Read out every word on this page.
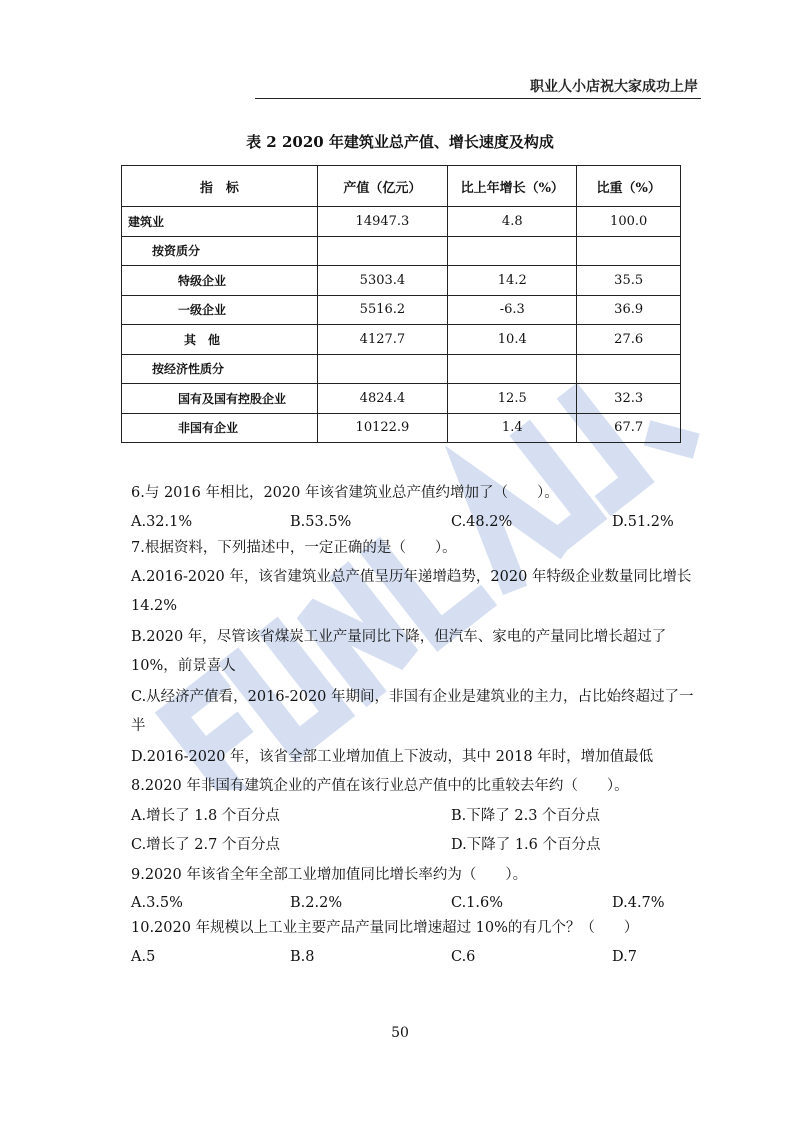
职业人小店祝大家成功上岸
表 2 2020 年建筑业总产值、增长速度及构成
指　标	产值（亿元）	比上年增长（%）	比重（%）
建筑业	14947.3	4.8	100.0
按资质分			
特级企业	5303.4	14.2	35.5
一级企业	5516.2	-6.3	36.9
其　他	4127.7	10.4	27.6
按经济性质分			
国有及国有控股企业	4824.4	12.5	32.3
非国有企业	10122.9	1.4	67.7
6.与 2016 年相比，2020 年该省建筑业总产值约增加了（　　）。
A.32.1%	B.53.5%	C.48.2%	D.51.2%
7.根据资料，下列描述中，一定正确的是（　　）。
A.2016-2020 年，该省建筑业总产值呈历年递增趋势，2020 年特级企业数量同比增长 14.2%
B.2020 年，尽管该省煤炭工业产量同比下降，但汽车、家电的产量同比增长超过了 10%，前景喜人
C.从经济产值看，2016-2020 年期间，非国有企业是建筑业的主力，占比始终超过了一半
D.2016-2020 年，该省全部工业增加值上下波动，其中 2018 年时，增加值最低
8.2020 年非国有建筑企业的产值在该行业总产值中的比重较去年约（　　）。
A.增长了 1.8 个百分点	B.下降了 2.3 个百分点
C.增长了 2.7 个百分点	D.下降了 1.6 个百分点
9.2020 年该省全年全部工业增加值同比增长率约为（　　）。
A.3.5%	B.2.2%	C.1.6%	D.4.7%
10.2020 年规模以上工业主要产品产量同比增速超过 10%的有几个？（　　）
A.5	B.8	C.6	D.7
50
